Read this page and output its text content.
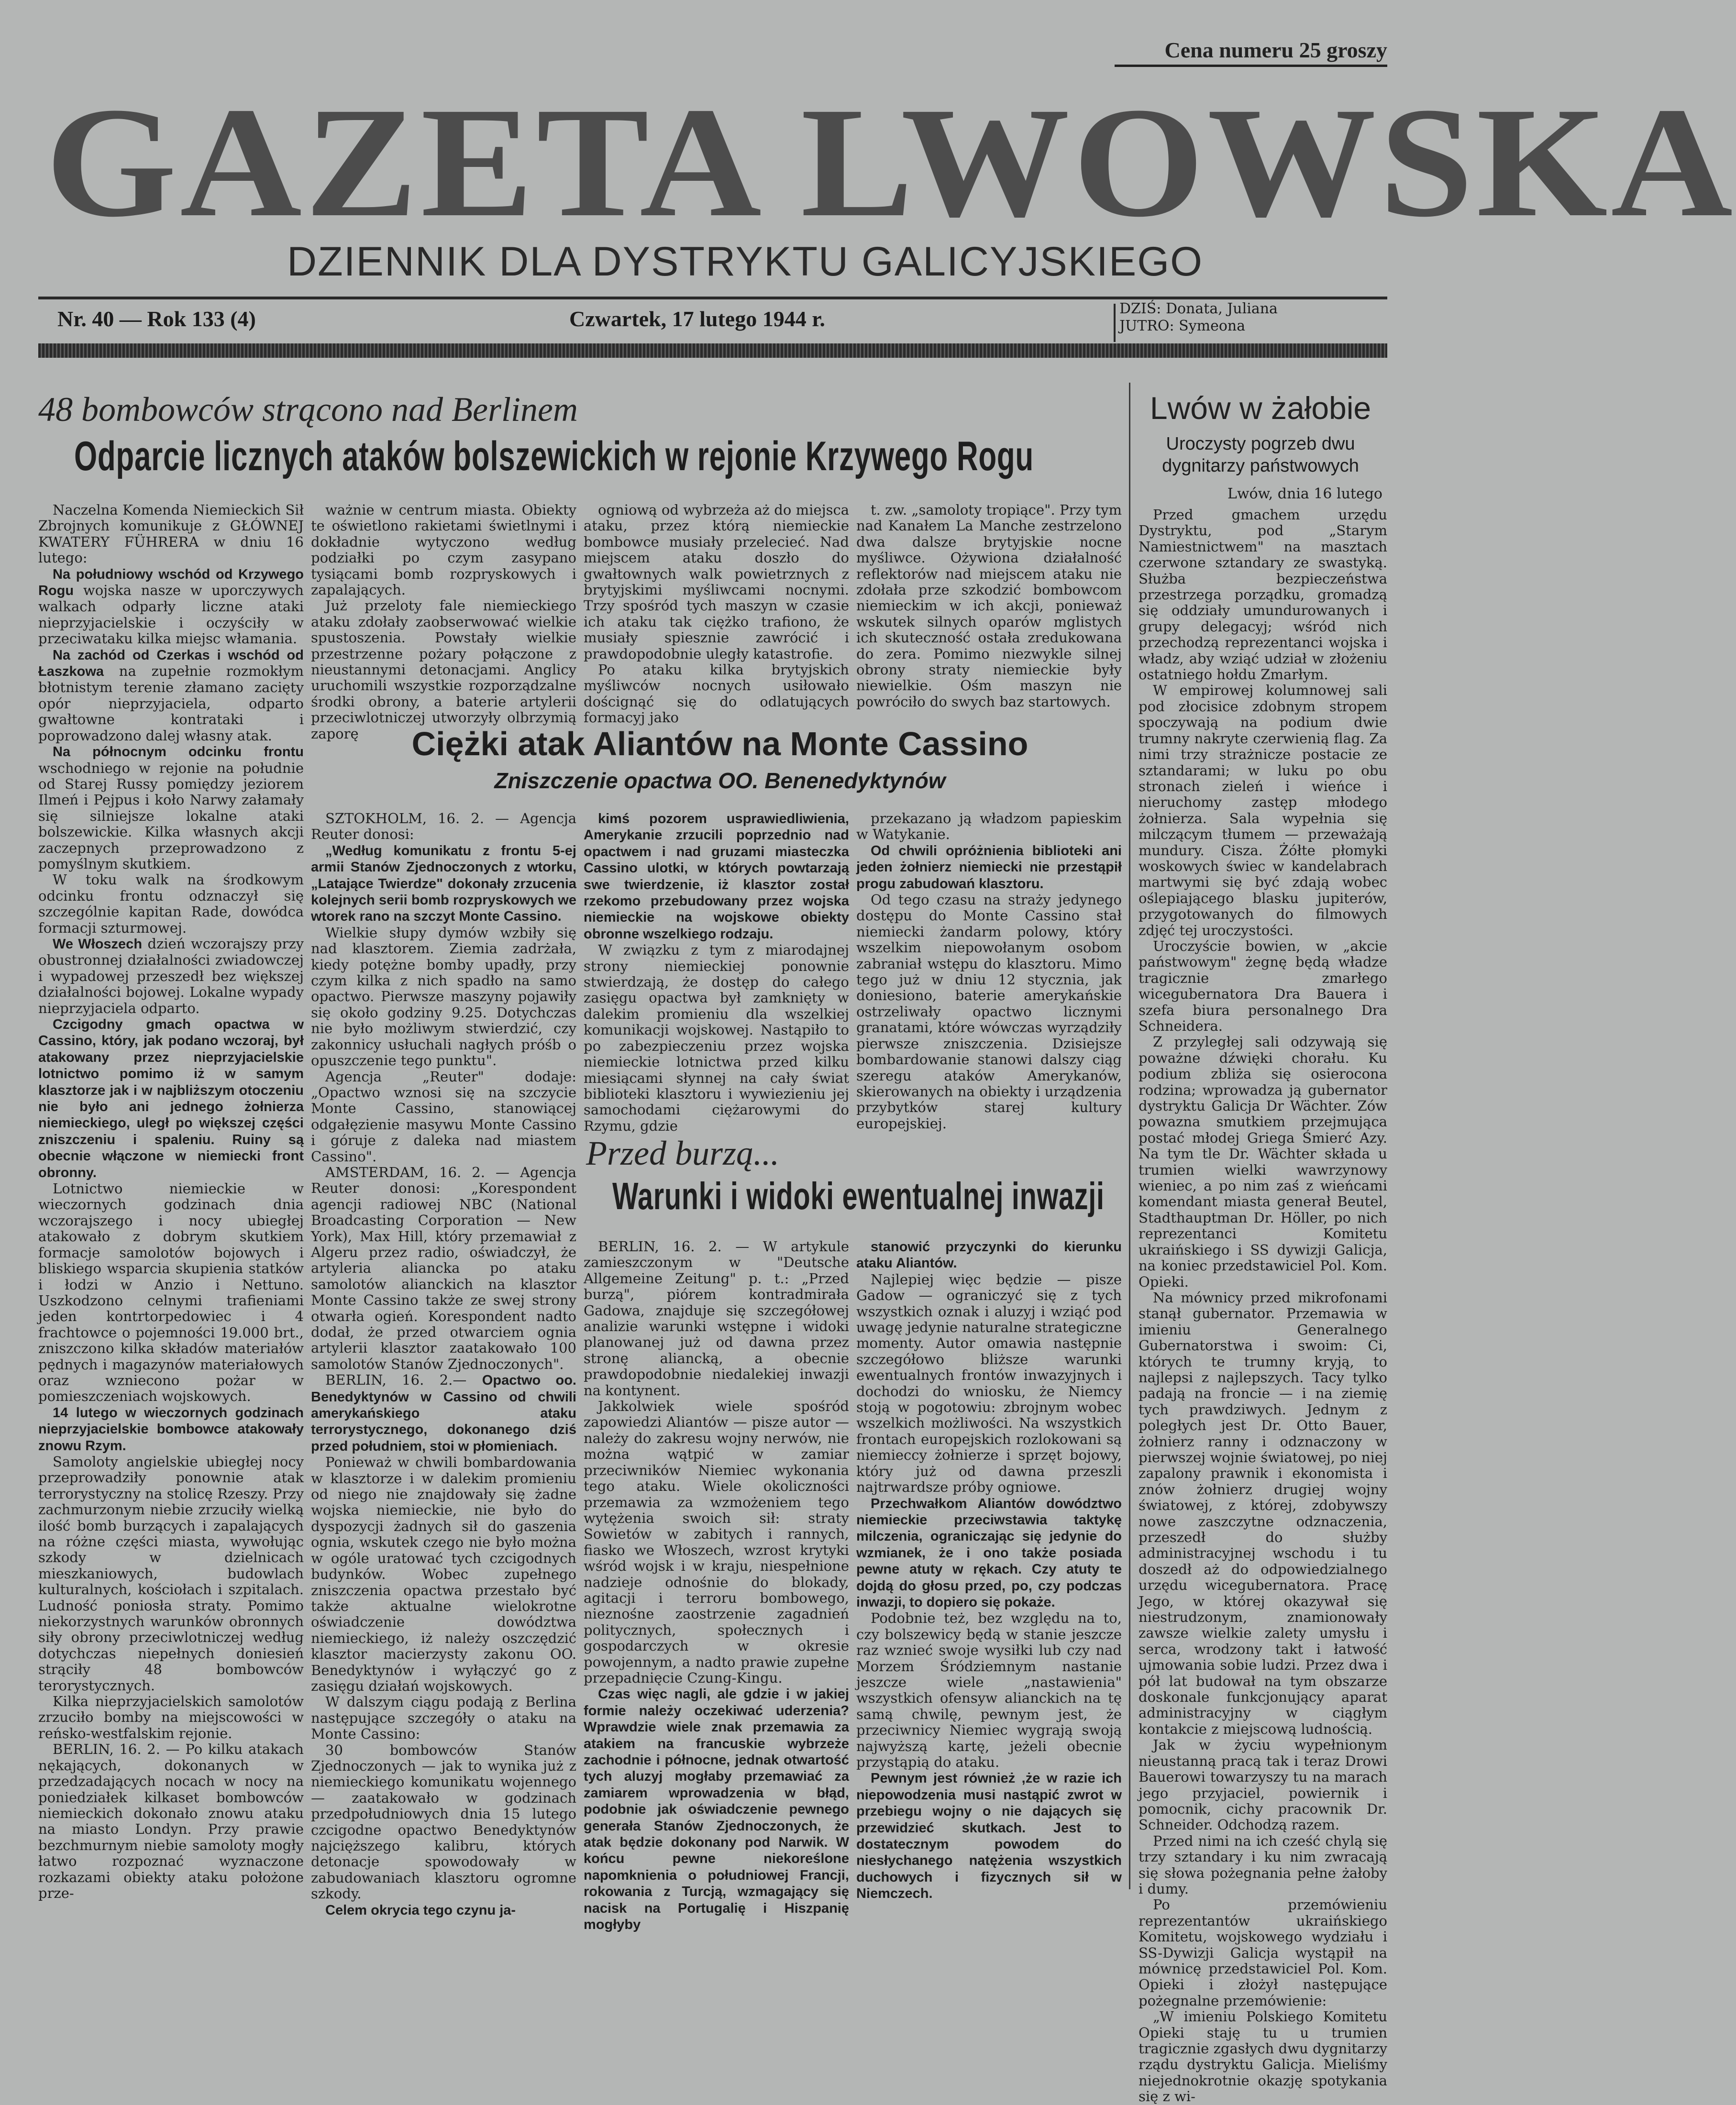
Cena numeru 25 groszy
GAZETA LWOWSKA
DZIENNIK DLA DYSTRYKTU GALICYJSKIEGO
Nr. 40 — Rok 133 (4)	Czwartek, 17 lutego 1944 r.	DZIŚ: Donata, Juliana
JUTRO: Symeona
48 bombowców strącono nad Berlinem
Odparcie licznych ataków bolszewickich w rejonie Krzywego Rogu

Naczelna Komenda Niemieckich Sił Zbrojnych komunikuje z GŁÓWNEJ KWATERY FÜHRERA w dniu 16 lutego:

Na południowy wschód od Krzywego Rogu wojska nasze w uporczywych walkach odparły liczne ataki nieprzyjacielskie i oczyściły w przeciwataku kilka miejsc włamania.

Na zachód od Czerkas i wschód od Łaszkowa na zupełnie rozmokłym błotnistym terenie złamano zacięty opór nieprzyjaciela, odparto gwałtowne kontrataki i poprowadzono dalej własny atak.

Na północnym odcinku frontu wschodniego w rejonie na południe od Starej Russy pomiędzy jeziorem Ilmeń i Pejpus i koło Narwy załamały się silniejsze lokalne ataki bolszewickie. Kilka własnych akcji zaczepnych przeprowadzono z pomyślnym skutkiem.

W toku walk na środkowym odcinku frontu odznaczył się szczególnie kapitan Rade, dowódca formacji szturmowej.

We Włoszech dzień wczorajszy przy obustronnej działalności zwiadowczej i wypadowej przeszedł bez większej działalności bojowej. Lokalne wypady nieprzyjaciela odparto.

Czcigodny gmach opactwa w Cassino, który, jak podano wczoraj, był atakowany przez nieprzyjacielskie lotnictwo pomimo iż w samym klasztorze jak i w najbliższym otoczeniu nie było ani jednego żołnierza niemieckiego, uległ po większej części zniszczeniu i spaleniu. Ruiny są obecnie włączone w niemiecki front obronny.

Lotnictwo niemieckie w wieczornych godzinach dnia wczorajszego i nocy ubiegłej atakowało z dobrym skutkiem formacje samolotów bojowych i bliskiego wsparcia skupienia statków i łodzi w Anzio i Nettuno. Uszkodzono celnymi trafieniami jeden kontrtorpedowiec i 4 frachtowce o pojemności 19.000 brt., zniszczono kilka składów materiałów pędnych i magazynów materiałowych oraz wzniecono pożar w pomieszczeniach wojskowych.

14 lutego w wieczornych godzinach nieprzyjacielskie bombowce atakowały znowu Rzym.

Samoloty angielskie ubiegłej nocy przeprowadziły ponownie atak terrorystyczny na stolicę Rzeszy. Przy zachmurzonym niebie zrzuciły wielką ilość bomb burzących i zapalających na różne części miasta, wywołując szkody w dzielnicach mieszkaniowych, budowlach kulturalnych, kościołach i szpitalach. Ludność poniosła straty. Pomimo niekorzystnych warunków obronnych siły obrony przeciwlotniczej według dotychczas niepełnych doniesień strąciły 48 bombowców terorystycznych.

Kilka nieprzyjacielskich samolotów zrzuciło bomby na miejscowości w reńsko-westfalskim rejonie.

BERLIN, 16. 2. — Po kilku atakach nękających, dokonanych w przedzadających nocach w nocy na poniedziałek kilkaset bombowców niemieckich dokonało znowu ataku na miasto Londyn. Przy prawie bezchmurnym niebie samoloty mogły łatwo rozpoznać wyznaczone rozkazami obiekty ataku położone prze-

ważnie w centrum miasta. Obiekty te oświetlono rakietami świetlnymi i dokładnie wytyczono według podziałki po czym zasypano tysiącami bomb rozpryskowych i zapalających.

Już przeloty fale niemieckiego ataku zdołały zaobserwować wielkie spustoszenia. Powstały wielkie przestrzenne pożary połączone z nieustannymi detonacjami. Anglicy uruchomili wszystkie rozporządzalne środki obrony, a baterie artylerii przeciwlotniczej utworzyły olbrzymią zaporę

ogniową od wybrzeża aż do miejsca ataku, przez którą niemieckie bombowce musiały przelecieć. Nad miejscem ataku doszło do gwałtownych walk powietrznych z brytyjskimi myśliwcami nocnymi. Trzy spośród tych maszyn w czasie ich ataku tak ciężko trafiono, że musiały spiesznie zawrócić i prawdopodobnie uległy katastrofie.

Po ataku kilka brytyjskich myśliwców nocnych usiłowało doścignąć się do odlatujących formacyj jako

t. zw. „samoloty tropiące". Przy tym nad Kanałem La Manche zestrzelono dwa dalsze brytyjskie nocne myśliwce. Ożywiona działalność reflektorów nad miejscem ataku nie zdołała prze szkodzić bombowcom niemieckim w ich akcji, ponieważ wskutek silnych oparów mglistych ich skuteczność ostała zredukowana do zera. Pomimo niezwykle silnej obrony straty niemieckie były niewielkie. Ośm maszyn nie powróciło do swych baz startowych.

Ciężki atak Aliantów na Monte Cassino
Zniszczenie opactwa OO. Benenedyktynów

SZTOKHOLM, 16. 2. — Agencja Reuter donosi:

„Według komunikatu z frontu 5-ej armii Stanów Zjednoczonych z wtorku, „Latające Twierdze" dokonały zrzucenia kolejnych serii bomb rozpryskowych we wtorek rano na szczyt Monte Cassino.

Wielkie słupy dymów wzbiły się nad klasztorem. Ziemia zadrżała, kiedy potężne bomby upadły, przy czym kilka z nich spadło na samo opactwo. Pierwsze maszyny pojawiły się około godziny 9.25. Dotychczas nie było możliwym stwierdzić, czy zakonnicy usłuchali nagłych próśb o opuszczenie tego punktu".

Agencja „Reuter" dodaje: „Opactwo wznosi się na szczycie Monte Cassino, stanowiącej odgałęzienie masywu Monte Cassino i góruje z daleka nad miastem Cassino".

AMSTERDAM, 16. 2. — Agencja Reuter donosi: „Korespondent agencji radiowej NBC (National Broadcasting Corporation — New York), Max Hill, który przemawiał z Algeru przez radio, oświadczył, że artyleria aliancka po ataku samolotów alianckich na klasztor Monte Cassino także ze swej strony otwarła ogień. Korespondent nadto dodał, że przed otwarciem ognia artylerii klasztor zaatakowało 100 samolotów Stanów Zjednoczonych".

BERLIN, 16. 2.— Opactwo oo. Benedyktynów w Cassino od chwili amerykańskiego ataku terrorystycznego, dokonanego dziś przed południem, stoi w płomieniach.

Ponieważ w chwili bombardowania w klasztorze i w dalekim promieniu od niego nie znajdowały się żadne wojska niemieckie, nie było do dyspozycji żadnych sił do gaszenia ognia, wskutek czego nie było można w ogóle uratować tych czcigodnych budynków. Wobec zupełnego zniszczenia opactwa przestało być także aktualne wielokrotne oświadczenie dowództwa niemieckiego, iż należy oszczędzić klasztor macierzysty zakonu OO. Benedyktynów i wyłączyć go z zasięgu działań wojskowych.

W dalszym ciągu podają z Berlina następujące szczegóły o ataku na Monte Cassino:

30 bombowców Stanów Zjednoczonych — jak to wynika już z niemieckiego komunikatu wojennego — zaatakowało w godzinach przedpołudniowych dnia 15 lutego czcigodne opactwo Benedyktynów najcięższego kalibru, których detonacje spowodowały w zabudowaniach klasztoru ogromne szkody.

Celem okrycia tego czynu ja-

kimś pozorem usprawiedliwienia, Amerykanie zrzucili poprzednio nad opactwem i nad gruzami miasteczka Cassino ulotki, w których powtarzają swe twierdzenie, iż klasztor został rzekomo przebudowany przez wojska niemieckie na wojskowe obiekty obronne wszelkiego rodzaju.

W związku z tym z miarodajnej strony niemieckiej ponownie stwierdzają, że dostęp do całego zasięgu opactwa był zamknięty w dalekim promieniu dla wszelkiej komunikacji wojskowej. Nastąpiło to po zabezpieczeniu przez wojska niemieckie lotnictwa przed kilku miesiącami słynnej na cały świat biblioteki klasztoru i wywiezieniu jej samochodami ciężarowymi do Rzymu, gdzie

przekazano ją władzom papieskim w Watykanie.

Od chwili opróżnienia biblioteki ani jeden żołnierz niemiecki nie przestąpił progu zabudowań klasztoru.

Od tego czasu na straży jedynego dostępu do Monte Cassino stał niemiecki żandarm polowy, który wszelkim niepowołanym osobom zabraniał wstępu do klasztoru. Mimo tego już w dniu 12 stycznia, jak doniesiono, baterie amerykańskie ostrzeliwały opactwo licznymi granatami, które wówczas wyrządziły pierwsze zniszczenia. Dzisiejsze bombardowanie stanowi dalszy ciąg szeregu ataków Amerykanów, skierowanych na obiekty i urządzenia przybytków starej kultury europejskiej.

Przed burzą...
Warunki i widoki ewentualnej inwazji

BERLIN, 16. 2. — W artykule zamieszczonym w "Deutsche Allgemeine Zeitung" p. t.: „Przed burzą", piórem kontradmirała Gadowa, znajduje się szczegółowej analizie warunki wstępne i widoki planowanej już od dawna przez stronę aliancką, a obecnie prawdopodobnie niedalekiej inwazji na kontynent.

Jakkolwiek wiele spośród zapowiedzi Aliantów — pisze autor — należy do zakresu wojny nerwów, nie można wątpić w zamiar przeciwników Niemiec wykonania tego ataku. Wiele okoliczności przemawia za wzmożeniem tego wytężenia swoich sił: straty Sowietów w zabitych i rannych, fiasko we Włoszech, wzrost krytyki wśród wojsk i w kraju, niespełnione nadzieje odnośnie do blokady, agitacji i terroru bombowego, nieznośne zaostrzenie zagadnień politycznych, społecznych i gospodarczych w okresie powojennym, a nadto prawie zupełne przepadnięcie Czung-Kingu.

Czas więc nagli, ale gdzie i w jakiej formie należy oczekiwać uderzenia? Wprawdzie wiele znak przemawia za atakiem na francuskie wybrzeże zachodnie i północne, jednak otwartość tych aluzyj mogłaby przemawiać za zamiarem wprowadzenia w błąd, podobnie jak oświadczenie pewnego generała Stanów Zjednoczonych, że atak będzie dokonany pod Narwik. W końcu pewne niekoreślone napomknienia o południowej Francji, rokowania z Turcją, wzmagający się nacisk na Portugalię i Hiszpanię mogłyby

stanowić przyczynki do kierunku ataku Aliantów.

Najlepiej więc będzie — pisze Gadow — ograniczyć się z tych wszystkich oznak i aluzyj i wziąć pod uwagę jedynie naturalne strategiczne momenty. Autor omawia następnie szczegółowo bliższe warunki ewentualnych frontów inwazyjnych i dochodzi do wniosku, że Niemcy stoją w pogotowiu: zbrojnym wobec wszelkich możliwości. Na wszystkich frontach europejskich rozlokowani są niemieccy żołnierze i sprzęt bojowy, który już od dawna przeszli najtrwardsze próby ogniowe.

Przechwałkom Aliantów dowództwo niemieckie przeciwstawia taktykę milczenia, ograniczając się jedynie do wzmianek, że i ono także posiada pewne atuty w rękach. Czy atuty te dojdą do głosu przed, po, czy podczas inwazji, to dopiero się pokaże.

Podobnie też, bez względu na to, czy bolszewicy będą w stanie jeszcze raz wznieć swoje wysiłki lub czy nad Morzem Śródziemnym nastanie jeszcze wiele „nastawienia" wszystkich ofensyw alianckich na tę samą chwilę, pewnym jest, że przeciwnicy Niemiec wygrają swoją najwyższą kartę, jeżeli obecnie przystąpią do ataku.

Pewnym jest również ,że w razie ich niepowodzenia musi nastąpić zwrot w przebiegu wojny o nie dających się przewidzieć skutkach. Jest to dostatecznym powodem do niesłychanego natężenia wszystkich duchowych i fizycznych sił w Niemczech.

Lwów w żałobie
Uroczysty pogrzeb dwu dygnitarzy państwowych
Lwów, dnia 16 lutego

Przed gmachem urzędu Dystryktu, pod „Starym Namiestnictwem" na masztach czerwone sztandary ze swastyką. Służba bezpieczeństwa przestrzega porządku, gromadzą się oddziały umundurowanych i grupy delegacyj; wśród nich przechodzą reprezentanci wojska i władz, aby wziąć udział w złożeniu ostatniego hołdu Zmarłym.

W empirowej kolumnowej sali pod złocisice zdobnym stropem spoczywają na podium dwie trumny nakryte czerwienią flag. Za nimi trzy strażnicze postacie ze sztandarami; w luku po obu stronach zieleń i wieńce i nieruchomy zastęp młodego żołnierza. Sala wypełnia się milczącym tłumem — przeważają mundury. Cisza. Żółte płomyki woskowych świec w kandelabrach martwymi się być zdają wobec oślepiającego blasku jupiterów, przygotowanych do filmowych zdjęć tej uroczystości.

Uroczyście bowien, w „akcie państwowym" żegnę będą władze tragicznie zmarłego wicegubernatora Dra Bauera i szefa biura personalnego Dra Schneidera.

Z przyległej sali odzywają się poważne dźwięki chorału. Ku podium zbliża się osierocona rodzina; wprowadza ją gubernator dystryktu Galicja Dr Wächter. Zów powazna smutkiem przejmująca postać młodej Griega Śmierć Azy. Na tym tle Dr. Wächter składa u trumien wielki wawrzynowy wieniec, a po nim zaś z wieńcami komendant miasta generał Beutel, Stadthauptman Dr. Höller, po nich reprezentanci Komitetu ukraińskiego i SS dywizji Galicja, na koniec przedstawiciel Pol. Kom. Opieki.

Na mównicy przed mikrofonami stanął gubernator. Przemawia w imieniu Generalnego Gubernatorstwa i swoim: Ci, których te trumny kryją, to najlepsi z najlepszych. Tacy tylko padają na froncie — i na ziemię tych prawdziwych. Jednym z poległych jest Dr. Otto Bauer, żołnierz ranny i odznaczony w pierwszej wojnie światowej, po niej zapalony prawnik i ekonomista i znów żołnierz drugiej wojny światowej, z której, zdobywszy nowe zaszczytne odznaczenia, przeszedł do służby administracyjnej wschodu i tu doszedł aż do odpowiedzialnego urzędu wicegubernatora. Pracę Jego, w której okazywał się niestrudzonym, znamionowały zawsze wielkie zalety umysłu i serca, wrodzony takt i łatwość ujmowania sobie ludzi. Przez dwa i pół lat budował na tym obszarze doskonale funkcjonujący aparat administracyjny w ciągłym kontakcie z miejscową ludnością.

Jak w życiu wypełnionym nieustanną pracą tak i teraz Drowi Bauerowi towarzyszy tu na marach jego przyjaciel, powiernik i pomocnik, cichy pracownik Dr. Schneider. Odchodzą razem.

Przed nimi na ich cześć chylą się trzy sztandary i ku nim zwracają się słowa pożegnania pełne żałoby i dumy.

Po przemówieniu reprezentantów ukraińskiego Komitetu, wojskowego wydziału i SS-Dywizji Galicja wystąpił na mównicę przedstawiciel Pol. Kom. Opieki i złożył następujące pożegnalne przemówienie:

„W imieniu Polskiego Komitetu Opieki staję tu u trumien tragicznie zgasłych dwu dygnitarzy rządu dystryktu Galicja. Mieliśmy niejednokrotnie okazję spotykania się z wi-
